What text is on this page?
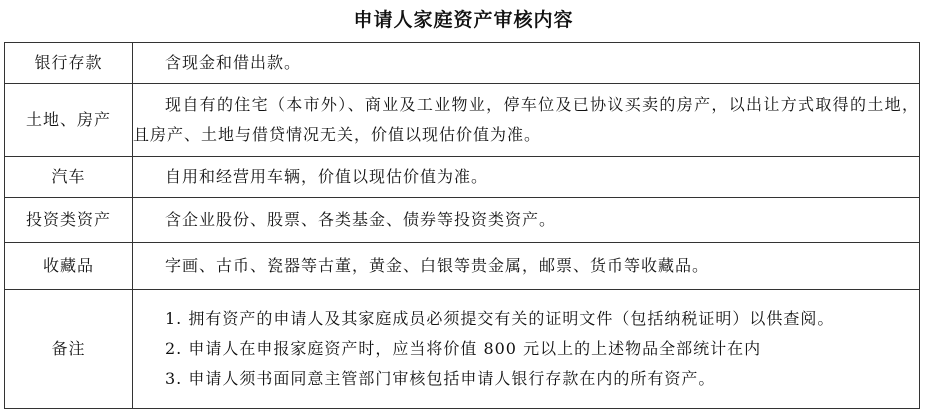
申请人家庭资产审核内容
银行存款	含现金和借出款。

土地、房产	现自有的住宅（本市外）、商业及工业物业，停车位及已协议买卖的房产，以出让方式取得的土地，且房产、土地与借贷情况无关，价值以现估价值为准。

汽车	自用和经营用车辆，价值以现估价值为准。

投资类资产	含企业股份、股票、各类基金、债券等投资类资产。

收藏品	字画、古币、瓷器等古董，黄金、白银等贵金属，邮票、货币等收藏品。

备注	1. 拥有资产的申请人及其家庭成员必须提交有关的证明文件（包括纳税证明）以供查阅。
2. 申请人在申报家庭资产时，应当将价值 800 元以上的上述物品全部统计在内
3. 申请人须书面同意主管部门审核包括申请人银行存款在内的所有资产。
